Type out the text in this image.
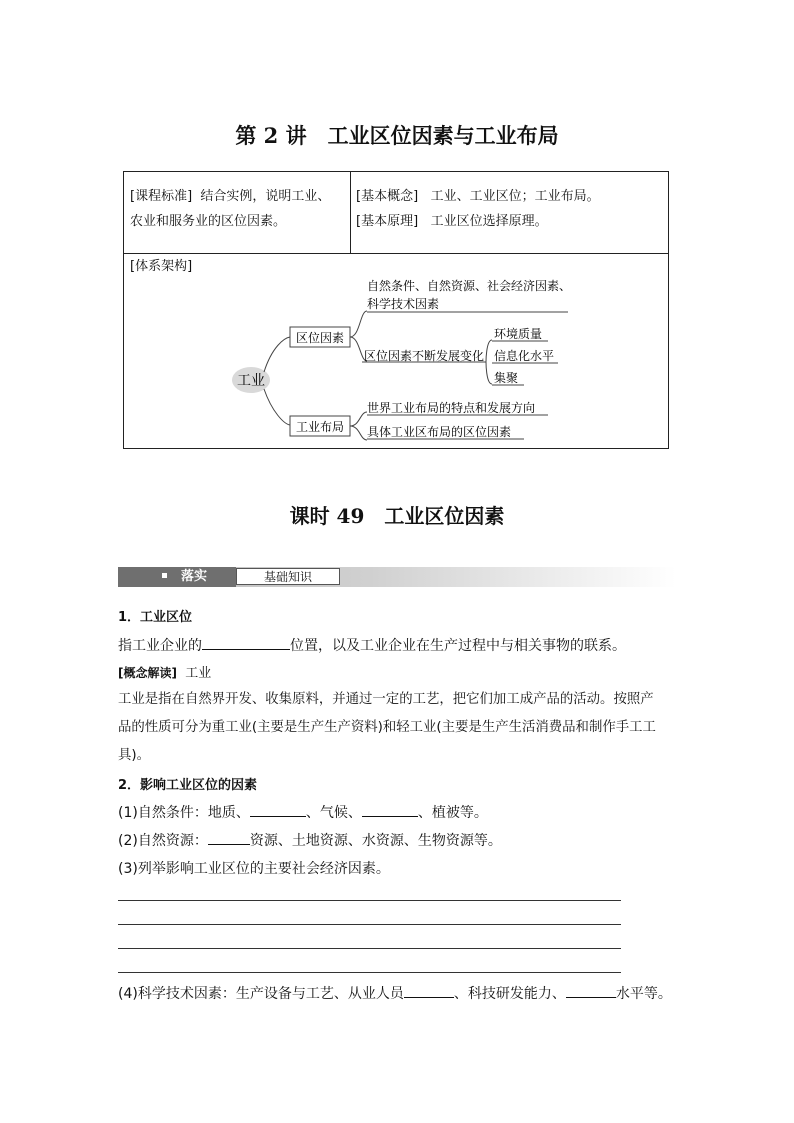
第 2 讲　工业区位因素与工业布局
[课程标准] 结合实例，说明工业、
农业和服务业的区位因素。
[基本概念] 工业、工业区位；工业布局。
[基本原理] 工业区位选择原理。
[体系架构]
工业
区位因素
自然条件、自然资源、社会经济因素、
科学技术因素
区位因素不断发展变化
环境质量
信息化水平
集聚
工业布局
世界工业布局的特点和发展方向
具体工业区布局的区位因素
课时 49　工业区位因素
落实	基础知识
1．工业区位
指工业企业的	位置，以及工业企业在生产过程中与相关事物的联系。
[概念解读] 工业
工业是指在自然界开发、收集原料，并通过一定的工艺，把它们加工成产品的活动。按照产
品的性质可分为重工业(主要是生产生产资料)和轻工业(主要是生产生活消费品和制作手工工
具)。
2．影响工业区位的因素
(1)自然条件：地质、	、气候、	、植被等。
(2)自然资源：	资源、土地资源、水资源、生物资源等。
(3)列举影响工业区位的主要社会经济因素。
(4)科学技术因素：生产设备与工艺、从业人员	、科技研发能力、	水平等。
